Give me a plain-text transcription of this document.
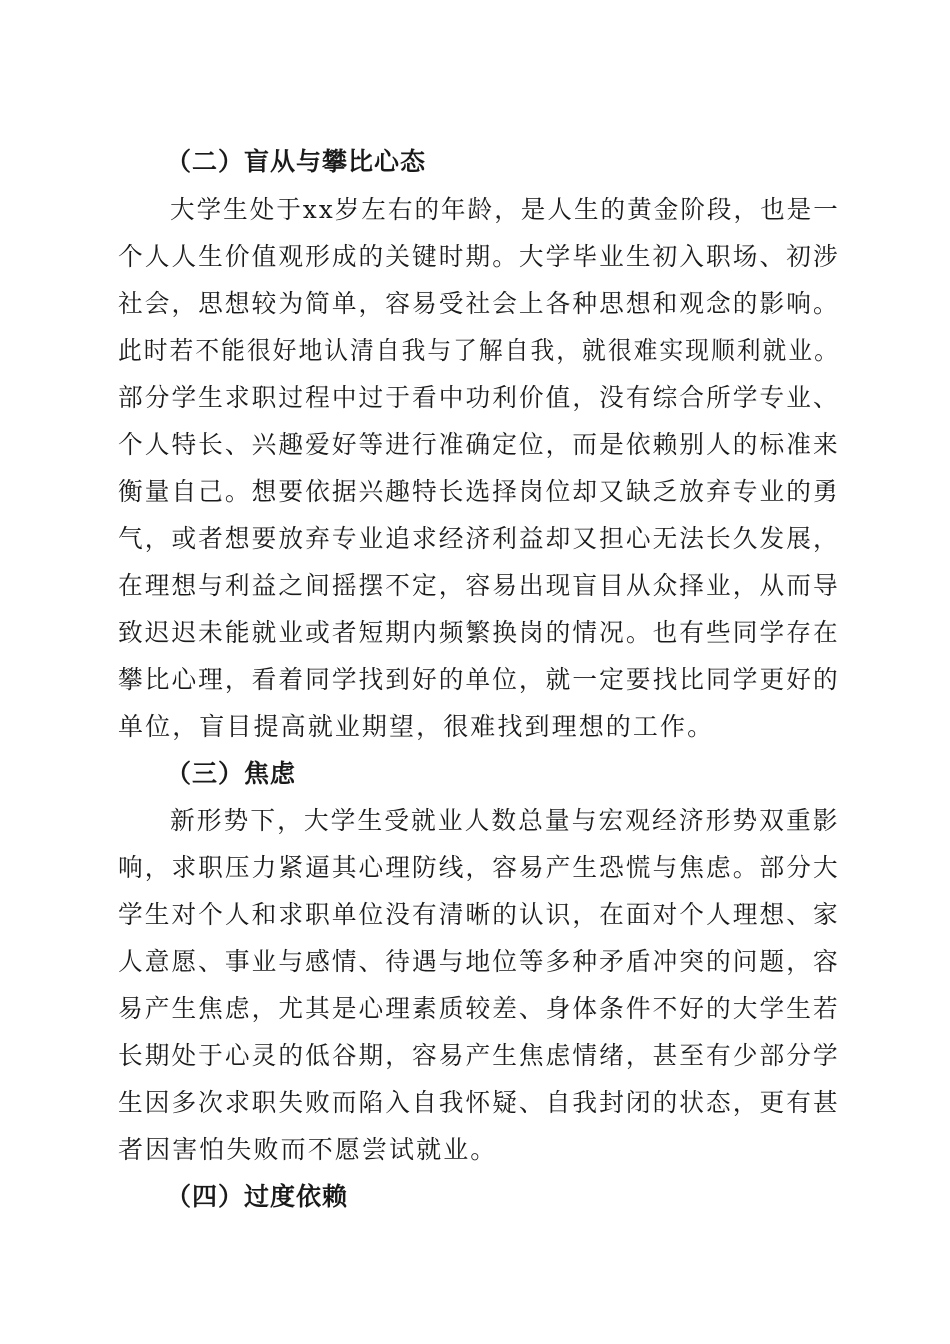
（二）盲从与攀比心态
大学生处于xx岁左右的年龄，是人生的黄金阶段，也是一
个人人生价值观形成的关键时期。大学毕业生初入职场、初涉
社会，思想较为简单，容易受社会上各种思想和观念的影响。
此时若不能很好地认清自我与了解自我，就很难实现顺利就业。
部分学生求职过程中过于看中功利价值，没有综合所学专业、
个人特长、兴趣爱好等进行准确定位，而是依赖别人的标准来
衡量自己。想要依据兴趣特长选择岗位却又缺乏放弃专业的勇
气，或者想要放弃专业追求经济利益却又担心无法长久发展，
在理想与利益之间摇摆不定，容易出现盲目从众择业，从而导
致迟迟未能就业或者短期内频繁换岗的情况。也有些同学存在
攀比心理，看着同学找到好的单位，就一定要找比同学更好的
单位，盲目提高就业期望，很难找到理想的工作。
（三）焦虑
新形势下，大学生受就业人数总量与宏观经济形势双重影
响，求职压力紧逼其心理防线，容易产生恐慌与焦虑。部分大
学生对个人和求职单位没有清晰的认识，在面对个人理想、家
人意愿、事业与感情、待遇与地位等多种矛盾冲突的问题，容
易产生焦虑，尤其是心理素质较差、身体条件不好的大学生若
长期处于心灵的低谷期，容易产生焦虑情绪，甚至有少部分学
生因多次求职失败而陷入自我怀疑、自我封闭的状态，更有甚
者因害怕失败而不愿尝试就业。
（四）过度依赖
